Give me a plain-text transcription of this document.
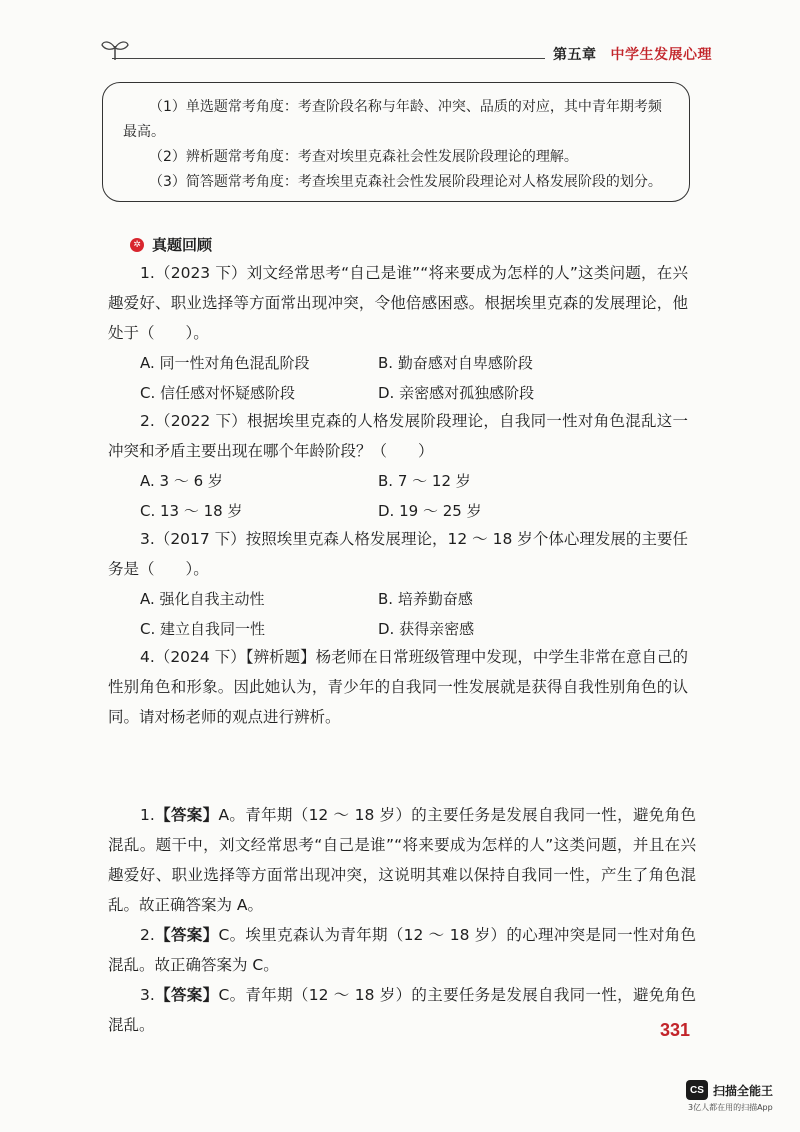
第五章 中学生发展心理

（1）单选题常考角度：考查阶段名称与年龄、冲突、品质的对应，其中青年期考频

最高。

（2）辨析题常考角度：考查对埃里克森社会性发展阶段理论的理解。

（3）简答题常考角度：考查埃里克森社会性发展阶段理论对人格发展阶段的划分。

✲ 真题回顾
1.（2023 下）刘文经常思考“自己是谁”“将来要成为怎样的人”这类问题，在兴趣爱好、职业选择等方面常出现冲突，令他倍感困惑。根据埃里克森的发展理论，他处于（　　）。
A. 同一性对角色混乱阶段	B. 勤奋感对自卑感阶段
C. 信任感对怀疑感阶段	D. 亲密感对孤独感阶段
2.（2022 下）根据埃里克森的人格发展阶段理论，自我同一性对角色混乱这一冲突和矛盾主要出现在哪个年龄阶段？（　　）
A. 3 ～ 6 岁	B. 7 ～ 12 岁
C. 13 ～ 18 岁	D. 19 ～ 25 岁
3.（2017 下）按照埃里克森人格发展理论，12 ～ 18 岁个体心理发展的主要任务是（　　）。
A. 强化自我主动性	B. 培养勤奋感
C. 建立自我同一性	D. 获得亲密感
4.（2024 下）【辨析题】杨老师在日常班级管理中发现，中学生非常在意自己的性别角色和形象。因此她认为，青少年的自我同一性发展就是获得自我性别角色的认同。请对杨老师的观点进行辨析。
1.【答案】A。青年期（12 ～ 18 岁）的主要任务是发展自我同一性，避免角色混乱。题干中，刘文经常思考“自己是谁”“将来要成为怎样的人”这类问题，并且在兴趣爱好、职业选择等方面常出现冲突，这说明其难以保持自我同一性，产生了角色混乱。故正确答案为 A。
2.【答案】C。埃里克森认为青年期（12 ～ 18 岁）的心理冲突是同一性对角色混乱。故正确答案为 C。
3.【答案】C。青年期（12 ～ 18 岁）的主要任务是发展自我同一性，避免角色混乱。	331
CS 扫描全能王
3亿人都在用的扫描App
